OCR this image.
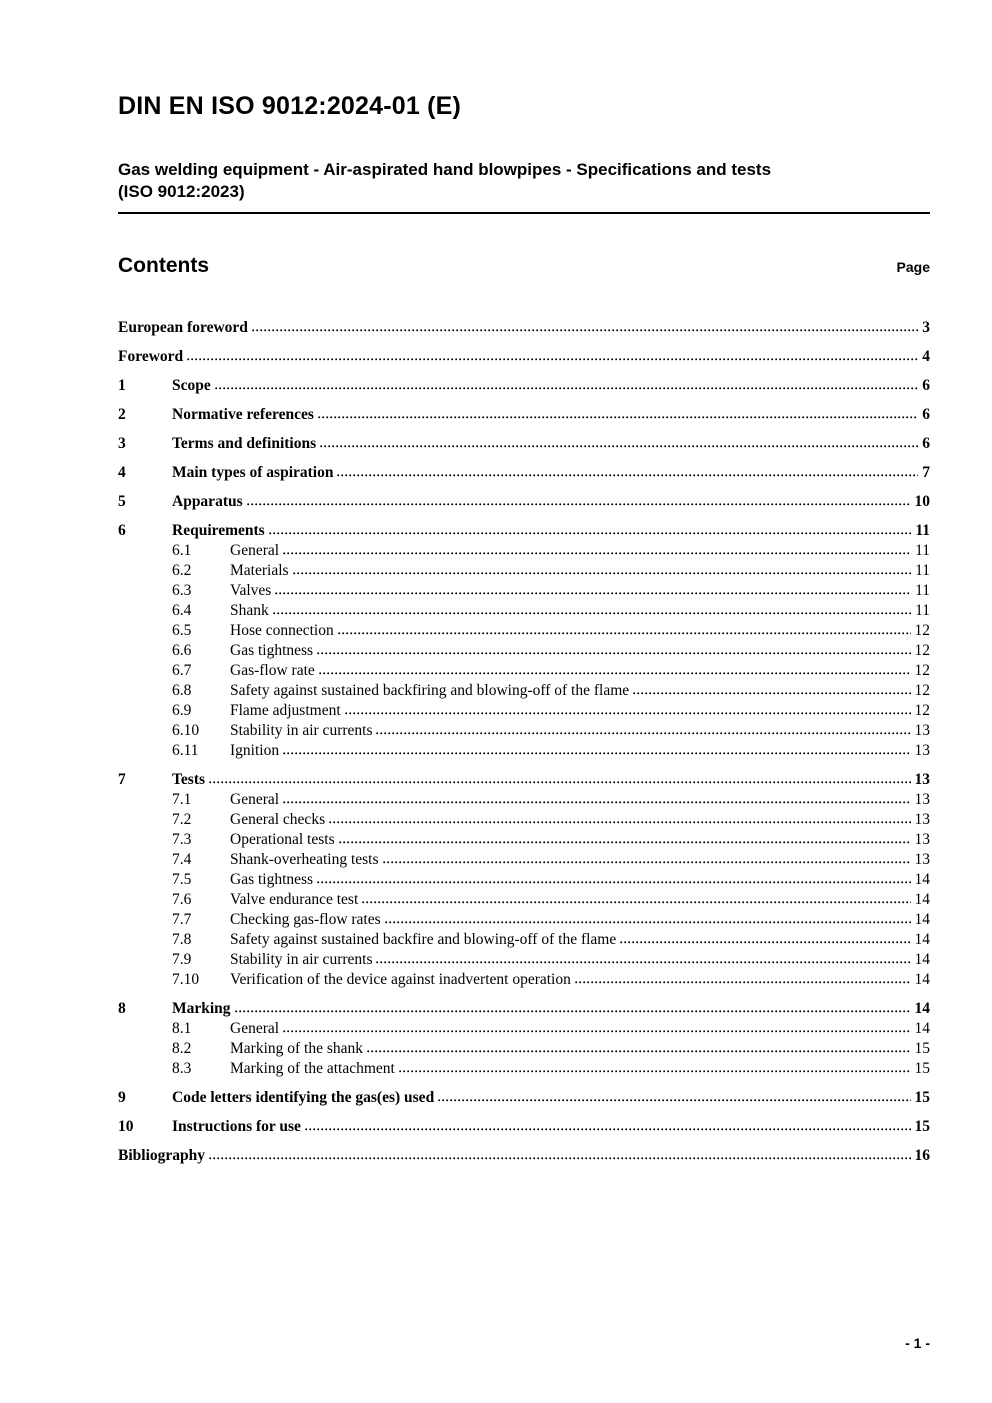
DIN EN ISO 9012:2024-01 (E)
Gas welding equipment - Air-aspirated hand blowpipes - Specifications and tests
(ISO 9012:2023)
Contents	Page
European foreword	3
Foreword	4
1	Scope	6
2	Normative references	6
3	Terms and definitions	6
4	Main types of aspiration	7
5	Apparatus	10
6	Requirements	11
6.1	General	11
6.2	Materials	11
6.3	Valves	11
6.4	Shank	11
6.5	Hose connection	12
6.6	Gas tightness	12
6.7	Gas-flow rate	12
6.8	Safety against sustained backfiring and blowing-off of the flame	12
6.9	Flame adjustment	12
6.10	Stability in air currents	13
6.11	Ignition	13
7	Tests	13
7.1	General	13
7.2	General checks	13
7.3	Operational tests	13
7.4	Shank-overheating tests	13
7.5	Gas tightness	14
7.6	Valve endurance test	14
7.7	Checking gas-flow rates	14
7.8	Safety against sustained backfire and blowing-off of the flame	14
7.9	Stability in air currents	14
7.10	Verification of the device against inadvertent operation	14
8	Marking	14
8.1	General	14
8.2	Marking of the shank	15
8.3	Marking of the attachment	15
9	Code letters identifying the gas(es) used	15
10	Instructions for use	15
Bibliography	16
- 1 -
